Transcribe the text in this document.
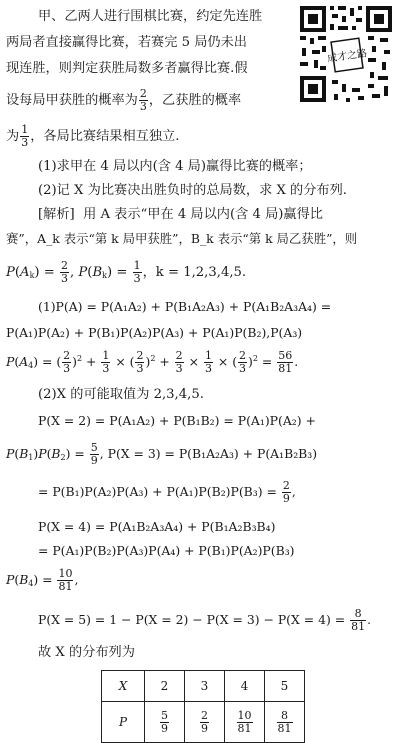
甲、乙两人进行围棋比赛，约定先连胜
两局者直接赢得比赛，若赛完 5 局仍未出
现连胜，则判定获胜局数多者赢得比赛.假
设每局甲获胜的概率为 $\frac{2}{3}$ ，乙获胜的概率
为 $\frac{1}{3}$ ，各局比赛结果相互独立.
成才之路
(1)求甲在 4 局以内(含 4 局)赢得比赛的概率；
(2)记 X 为比赛决出胜负时的总局数，求 X 的分布列.
[解析] 用 A 表示“甲在 4 局以内(含 4 局)赢得比
赛”，A_k 表示“第 k 局甲获胜”，B_k 表示“第 k 局乙获胜”，则
$P(A_k) = \frac{2}{3}$ , $P(B_k) = \frac{1}{3}$ ，k = 1,2,3,4,5.
(1)P(A) = P(A₁A₂) + P(B₁A₂A₃) + P(A₁B₂A₃A₄) =
P(A₁)P(A₂) + P(B₁)P(A₂)P(A₃) + P(A₁)P(B₂),P(A₃)
$P(A_4)$ = ( $\frac{2}{3} )^2 + \frac{1}{3}$ × ( $\frac{2}{3} )^2 + \frac{2}{3} \times \frac{1}{3}$ × ( $\frac{2}{3} )^2 = \frac{56}{81}$ .
(2)X 的可能取值为 2,3,4,5.
P(X = 2) = P(A₁A₂) + P(B₁B₂) = P(A₁)P(A₂) +
$P(B_1)P(B_2) = \frac{5}{9}$ , P(X = 3) = P(B₁A₂A₃) + P(A₁B₂B₃)
= $P(B_1)P(A_2)P(A_3) + P(A_1)P(B_2)P(B_3) = \frac{2}{9}$ ,
P(X = 4) = P(A₁B₂A₃A₄) + P(B₁A₂B₃B₄)
= P(A₁)P(B₂)P(A₃)P(A₄) + P(B₁)P(A₂)P(B₃)
$P(B_4) = \frac{10}{81}$ ,
$P(X = 5) = 1 - P(X = 2) - P(X = 3) - P(X = 4) = \frac{8}{81}$ .
故 X 的分布列为
X	2	3	4	5
P	$\frac{5}{9}$	$\frac{2}{9}$	$\frac{10}{81}$	$\frac{8}{81}$
